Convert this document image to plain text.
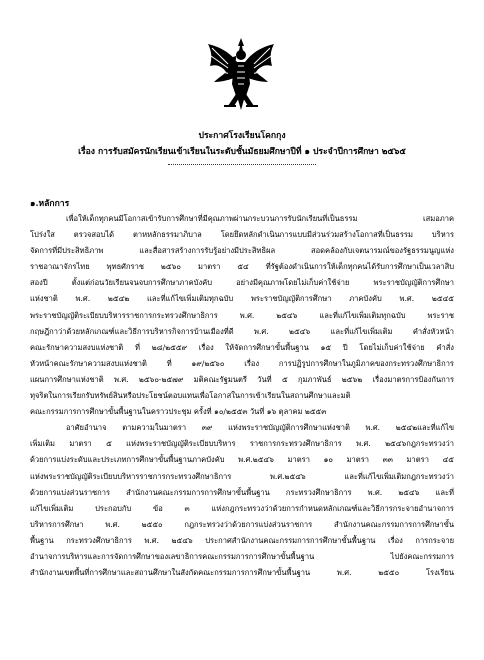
ประกาศโรงเรียนโคกกุง
เรื่อง การรับสมัครนักเรียนเข้าเรียนในระดับชั้นมัธยมศึกษาปีที่ ๑ ประจำปีการศึกษา ๒๕๖๕
๑.หลักการ
เพื่อให้เด็กทุกคนมีโอกาสเข้ารับการศึกษาที่มีคุณภาพผ่านกระบวนการรับนักเรียนที่เป็นธรรม เสมอภาค
โปร่งใส ตรวจสอบได้ ตาหหลักธรรมาภิบาล โดยยึดหลักดำเนินการแบบมีส่วนร่วมสร้างโอกาสที่เป็นธรรม บริหาร
จัดการที่มีประสิทธิภาพ และสื่อสารสร้างการรับรู้อย่างมีประสิทธิผล สอดคล้องกับเจตนารมณ์ของรัฐธรรมนูญแห่ง
ราชอาณาจักรไทย พุทธศักราช ๒๕๖๐ มาตรา ๕๔ ที่รัฐต้องดำเนินการให้เด็กทุกคนได้รับการศึกษาเป็นเวลาสิบ
สองปี ตั้งแต่ก่อนวัยเรียนจนจบการศึกษาภาคบังคับ อย่างมีคุณภาพโดยไม่เก็บค่าใช้จ่าย พระราชบัญญัติการศึกษา
แห่งชาติ พ.ศ. ๒๕๔๒ และที่แก้ไขเพิ่มเติมทุกฉบับ พระราชบัญญัติการศึกษา ภาคบังคับ พ.ศ. ๒๕๔๕
พระราชบัญญัติระเบียบบริหารราชการกระทรวงศึกษาธิการ พ.ศ. ๒๕๔๖ และที่แก้ไขเพิ่มเติมทุกฉบับ พระราช
กฤษฎีกาว่าด้วยหลักเกณฑ์และวิธีการบริหารกิจการบ้านเมืองที่ดี พ.ศ. ๒๕๔๖ และที่แก้ไขเพิ่มเติม คำสั่งหัวหน้า
คณะรักษาความสงบแห่งชาติ ที่ ๒๘/๒๕๕๙ เรื่อง ให้จัดการศึกษาขั้นพื้นฐาน ๑๕ ปี โดยไม่เก็บค่าใช้จ่าย คำสั่ง
หัวหน้าคณะรักษาความสงบแห่งชาติ ที่ ๑๙/๒๕๖๐ เรื่อง การปฏิรูปการศึกษาในภูมิภาคของกระทรวงศึกษาธิการ
แผนการศึกษาแห่งชาติ พ.ศ. ๒๕๖๐-๒๕๗๙ มติคณะรัฐมนตรี วันที่ ๕ กุมภาพันธ์ ๒๕๖๒ เรื่องมาตรการป้องกันการ
ทุจริตในการเรียกรับทรัพย์สินหรือประโยชน์ตอบแทนเพื่อโอกาสในการเข้าเรียนในสถานศึกษาและมติ
คณะกรรมการการศึกษาขั้นพื้นฐานในคราวประชุม ครั้งที่ ๑๐/๒๕๕๓ วันที่ ๑๖ ตุลาคม ๒๕๕๓
อาศัยอำนาจ ตามความในมาตรา ๓๙ แห่งพระราชบัญญัติการศึกษาแห่งชาติ พ.ศ. ๒๕๔๒และที่แก้ไข
เพิ่มเติม มาตรา ๕ แห่งพระราชบัญญัติระเบียบบริหาร ราชการกระทรวงศึกษาธิการ พ.ศ. ๒๕๔๖กฎกระทรวงว่า
ด้วยการแบ่งระดับและประเภทการศึกษาขั้นพื้นฐานภาคบังคับ พ.ศ.๒๕๔๖ มาตรา ๑๐ มาตรา ๓๓ มาตรา ๔๕
แห่งพระราชบัญญัติระเบียบบริหารราชการกระทรวงศึกษาธิการ พ.ศ.๒๕๔๖ และที่แก้ไขเพิ่มเติมกฎกระทรวงว่า
ด้วยการแบ่งส่วนราชการ สำนักงานคณะกรรมการการศึกษาขั้นพื้นฐาน กระทรวงศึกษาธิการ พ.ศ. ๒๕๔๖ และที่
แก้ไขเพิ่มเติม ประกอบกับ ข้อ ๓ แห่งกฎกระทรวงว่าด้วยการกำหนดหลักเกณฑ์และวิธีการกระจายอำนาจการ
บริหารการศึกษา พ.ศ. ๒๕๕๐ กฎกระทรวงว่าด้วยการแบ่งส่วนราชการ สำนักงานคณะกรรมการการศึกษาขั้น
พื้นฐาน กระทรวงศึกษาธิการ พ.ศ. ๒๕๔๖ ประกาศสำนักงานคณะกรรมการการศึกษาขั้นพื้นฐาน เรื่อง การกระจาย
อำนาจการบริหารและการจัดการศึกษาของเลขาธิการคณะกรรมการการศึกษาขั้นพื้นฐาน ไปยังคณะกรรมการ
สำนักงานเขตพื้นที่การศึกษาและสถานศึกษาในสังกัดคณะกรรมการการศึกษาขั้นพื้นฐาน พ.ศ. ๒๕๕๐ โรงเรียน
